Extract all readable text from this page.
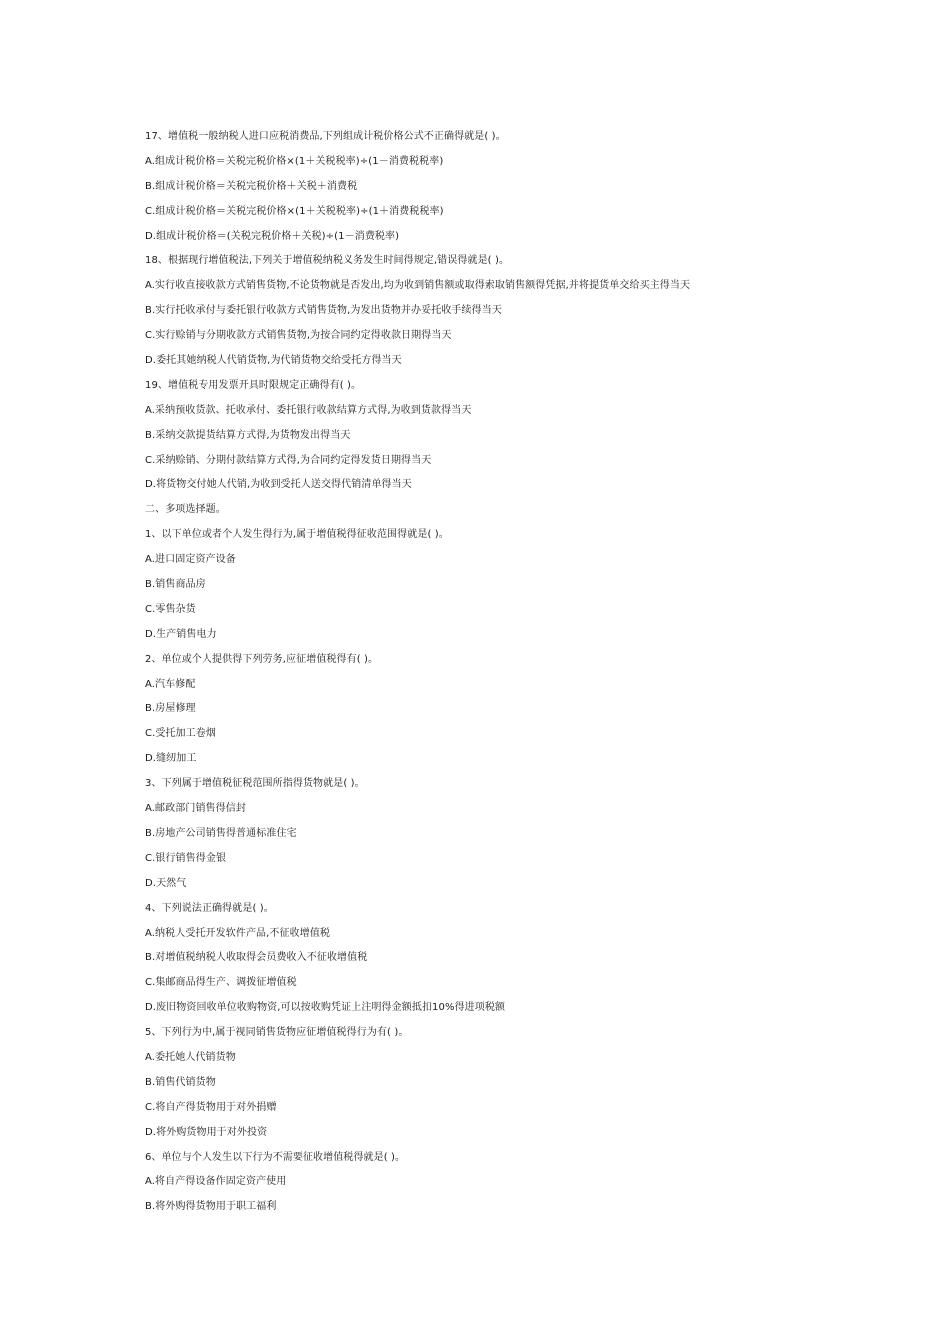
17、增值税一般纳税人进口应税消费品,下列组成计税价格公式不正确得就是( )。
A.组成计税价格＝关税完税价格×(1＋关税税率)÷(1－消费税税率)
B.组成计税价格＝关税完税价格＋关税＋消费税
C.组成计税价格＝关税完税价格×(1＋关税税率)÷(1＋消费税税率)
D.组成计税价格＝(关税完税价格＋关税)÷(1－消费税率)
18、根据现行增值税法,下列关于增值税纳税义务发生时间得规定,错误得就是( )。
A.实行收直接收款方式销售货物,不论货物就是否发出,均为收到销售额或取得索取销售额得凭据,并将提货单交给买主得当天
B.实行托收承付与委托银行收款方式销售货物,为发出货物并办妥托收手续得当天
C.实行赊销与分期收款方式销售货物,为按合同约定得收款日期得当天
D.委托其她纳税人代销货物,为代销货物交给受托方得当天
19、增值税专用发票开具时限规定正确得有( )。
A.采纳预收货款、托收承付、委托银行收款结算方式得,为收到货款得当天
B.采纳交款提货结算方式得,为货物发出得当天
C.采纳赊销、分期付款结算方式得,为合同约定得发货日期得当天
D.将货物交付她人代销,为收到受托人送交得代销清单得当天
二、多项选择题。
1、以下单位或者个人发生得行为,属于增值税得征收范围得就是( )。
A.进口固定资产设备
B.销售商品房
C.零售杂货
D.生产销售电力
2、单位或个人提供得下列劳务,应征增值税得有( )。
A.汽车修配
B.房屋修理
C.受托加工卷烟
D.缝纫加工
3、下列属于增值税征税范围所指得货物就是( )。
A.邮政部门销售得信封
B.房地产公司销售得普通标准住宅
C.银行销售得金银
D.天然气
4、下列说法正确得就是( )。
A.纳税人受托开发软件产品,不征收增值税
B.对增值税纳税人收取得会员费收入不征收增值税
C.集邮商品得生产、调拨征增值税
D.废旧物资回收单位收购物资,可以按收购凭证上注明得金额抵扣10%得进项税额
5、下列行为中,属于视同销售货物应征增值税得行为有( )。
A.委托她人代销货物
B.销售代销货物
C.将自产得货物用于对外捐赠
D.将外购货物用于对外投资
6、单位与个人发生以下行为不需要征收增值税得就是( )。
A.将自产得设备作固定资产使用
B.将外购得货物用于职工福利
